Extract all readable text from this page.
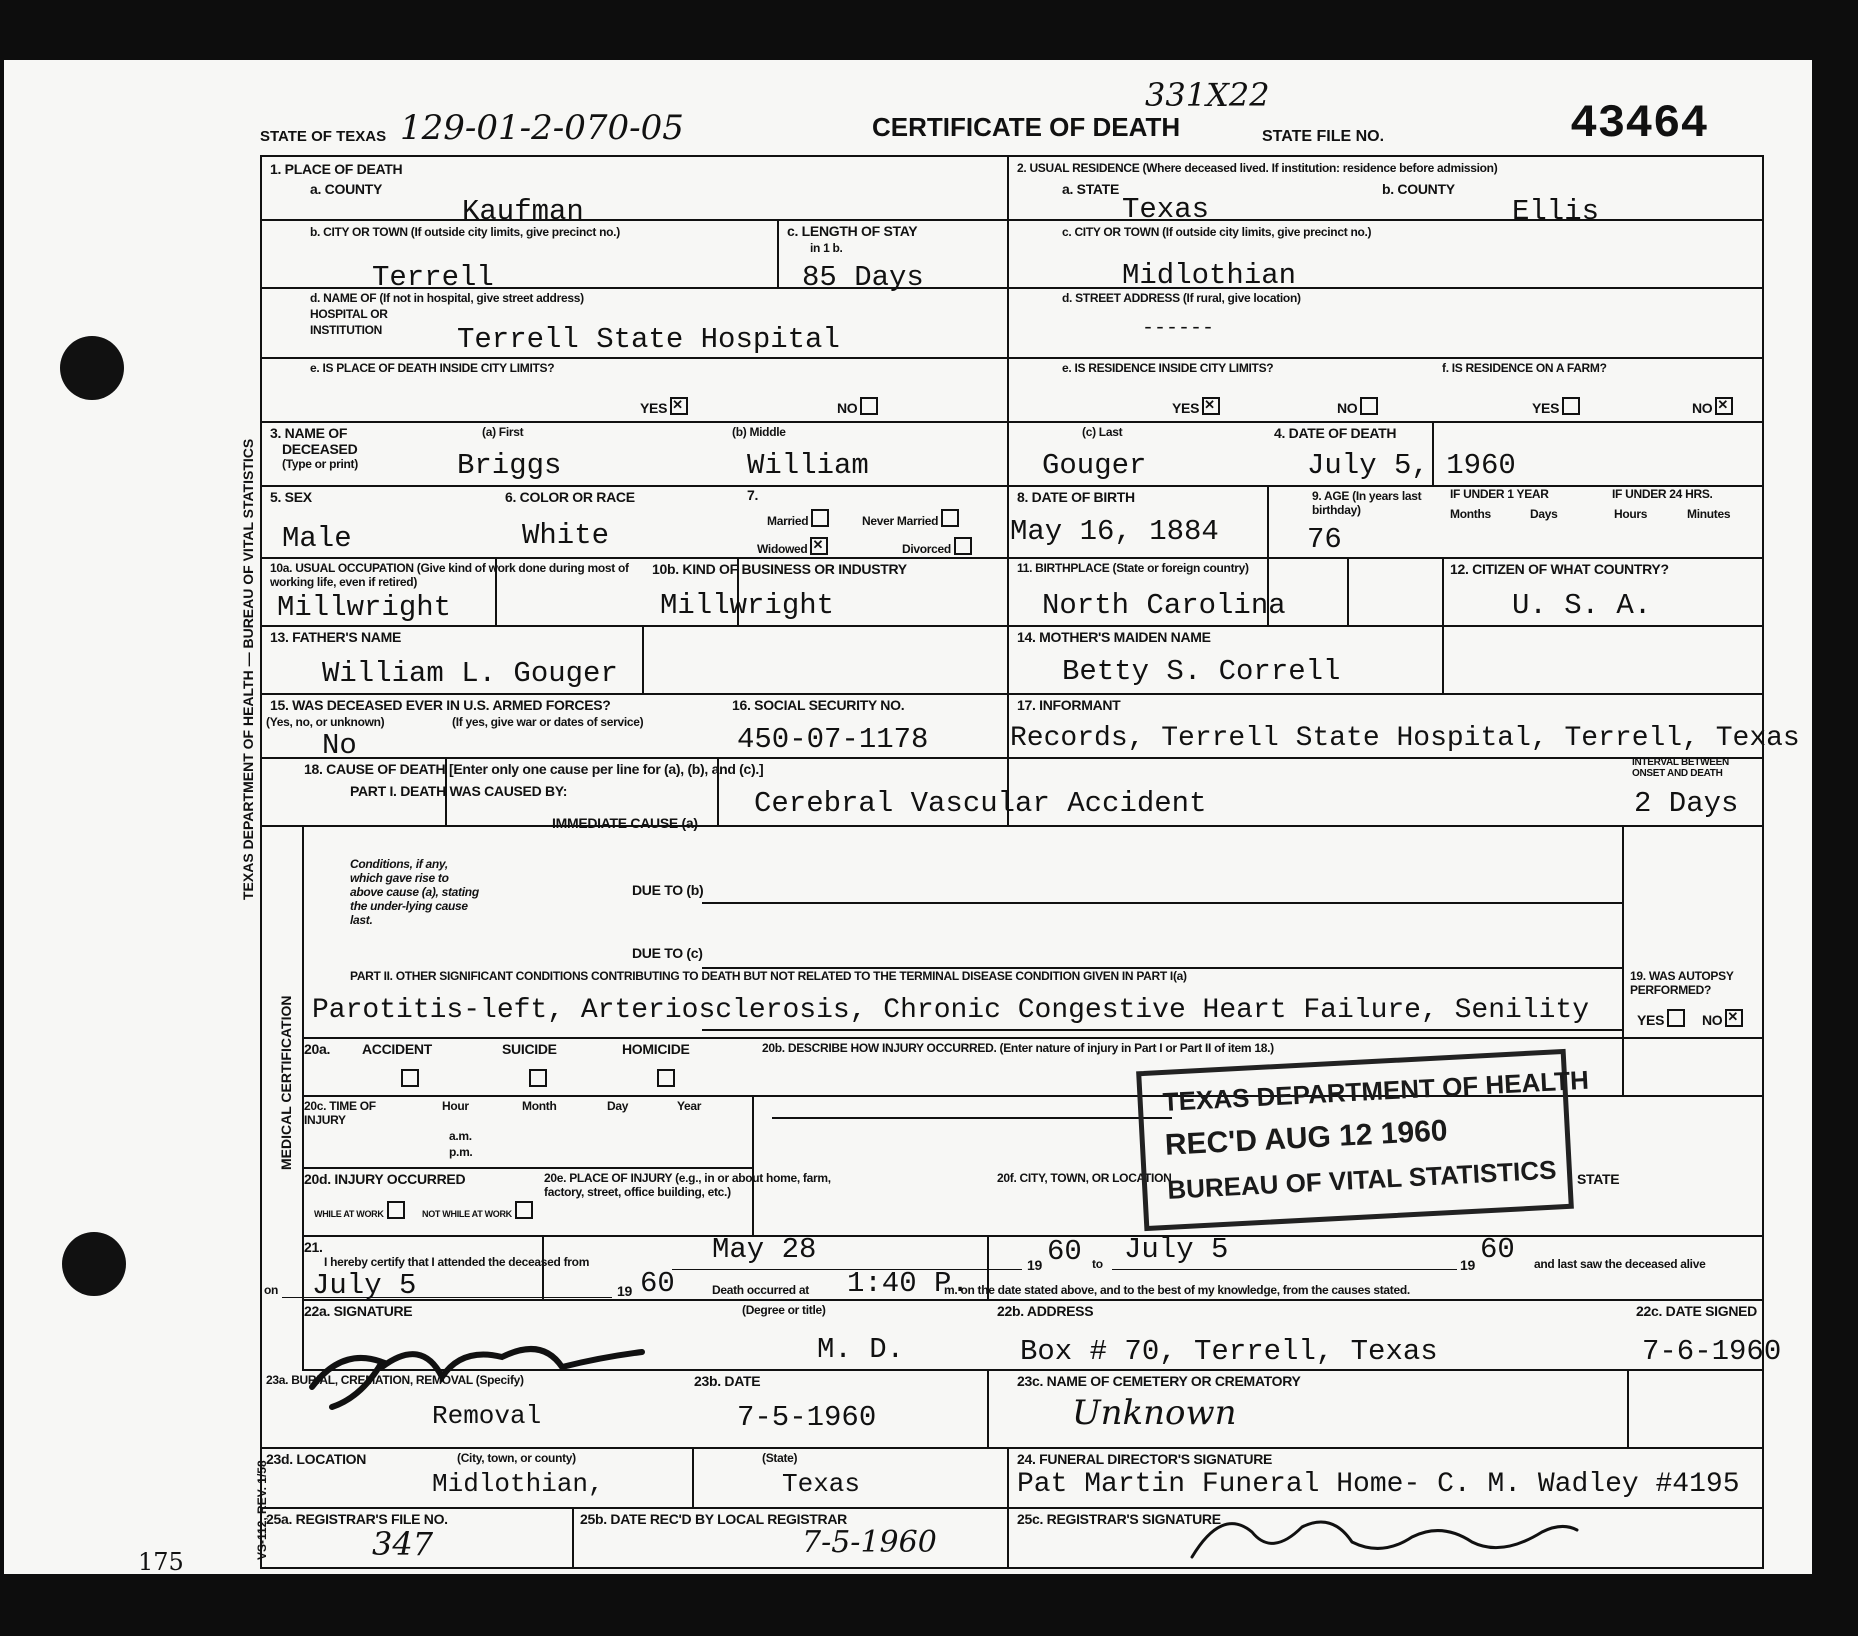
STATE OF TEXAS 129-01-2-070-05	CERTIFICATE OF DEATH
331X22
STATE FILE NO.	43464
TEXAS DEPARTMENT OF HEALTH — BUREAU OF VITAL STATISTICS
MEDICAL CERTIFICATION
VS-112, REV. 1/58
175
1. PLACE OF DEATH
a. COUNTY
Kaufman
b. CITY OR TOWN (If outside city limits, give precinct no.)
Terrell
c. LENGTH OF STAY
in 1 b.
85 Days
d. NAME OF (If not in hospital, give street address)
HOSPITAL OR
INSTITUTION	Terrell State Hospital
e. IS PLACE OF DEATH INSIDE CITY LIMITS?
YES ✕	NO
2. USUAL RESIDENCE (Where deceased lived. If institution: residence before admission)
a. STATE
Texas
b. COUNTY
Ellis
c. CITY OR TOWN (If outside city limits, give precinct no.)
Midlothian
d. STREET ADDRESS (If rural, give location)
------
e. IS RESIDENCE INSIDE CITY LIMITS?	f. IS RESIDENCE ON A FARM?
YES ✕	NO	YES	NO✕
3. NAME OF
DECEASED
(Type or print)
(a) First
Briggs
(b) Middle
William
(c) Last
Gouger
4. DATE OF DEATH
July 5, 1960
5. SEX
Male
6. COLOR OR RACE
White
7.
Married	Never Married
Widowed ✕	Divorced
8. DATE OF BIRTH
May 16, 1884
9. AGE (In years last birthday)
76
IF UNDER 1 YEAR	IF UNDER 24 HRS.
Months	Days	Hours	Minutes
10a. USUAL OCCUPATION (Give kind of work done during most of working life, even if retired)
Millwright
10b. KIND OF BUSINESS OR INDUSTRY
Millwright
11. BIRTHPLACE (State or foreign country)
North Carolina
12. CITIZEN OF WHAT COUNTRY?
U. S. A.
13. FATHER'S NAME
William L. Gouger
14. MOTHER'S MAIDEN NAME
Betty S. Correll
15. WAS DECEASED EVER IN U.S. ARMED FORCES?
(Yes, no, or unknown)	(If yes, give war or dates of service)
No
16. SOCIAL SECURITY NO.
450-07-1178
17. INFORMANT
Records, Terrell State Hospital, Terrell, Texas
18. CAUSE OF DEATH [Enter only one cause per line for (a), (b), and (c).]
PART I. DEATH WAS CAUSED BY:
IMMEDIATE CAUSE (a)
Cerebral Vascular Accident
INTERVAL BETWEEN ONSET AND DEATH
2 Days
Conditions, if any, which gave rise to above cause (a), stating the under-lying cause last.
DUE TO (b)
DUE TO (c)
PART II. OTHER SIGNIFICANT CONDITIONS CONTRIBUTING TO DEATH BUT NOT RELATED TO THE TERMINAL DISEASE CONDITION GIVEN IN PART I(a)
Parotitis-left, Arteriosclerosis, Chronic Congestive Heart Failure, Senility
19. WAS AUTOPSY PERFORMED?
YES	NO✕
20a. ACCIDENT	SUICIDE	HOMICIDE	20b. DESCRIBE HOW INJURY OCCURRED. (Enter nature of injury in Part I or Part II of item 18.)
20c. TIME OF INJURY
Hour	Month	Day	Year
a.m.
p.m.
20d. INJURY OCCURRED
WHILE AT WORK	NOT WHILE AT WORK
20e. PLACE OF INJURY (e.g., in or about home, farm, factory, street, office building, etc.)
20f. CITY, TOWN, OR LOCATION	STATE
21.
I hereby certify that I attended the deceased from	May 28	19 60 to July 5	19 60 and last saw the deceased alive
on July 5	19 60	Death occurred at 1:40 P.
m. on the date stated above, and to the best of my knowledge, from the causes stated.
22a. SIGNATURE	(Degree or title)
M. D.
22b. ADDRESS
Box # 70, Terrell, Texas
22c. DATE SIGNED
7-6-1960
23a. BURIAL, CREMATION, REMOVAL (Specify)
Removal
23b. DATE
7-5-1960
23c. NAME OF CEMETERY OR CREMATORY
Unknown
23d. LOCATION	(City, town, or county)	(State)
Midlothian,	Texas
24. FUNERAL DIRECTOR'S SIGNATURE
Pat Martin Funeral Home- C. M. Wadley #4195
25a. REGISTRAR'S FILE NO.
347
25b. DATE REC'D BY LOCAL REGISTRAR
7-5-1960
25c. REGISTRAR'S SIGNATURE
TEXAS DEPARTMENT OF HEALTH
REC'D AUG 12 1960
BUREAU OF VITAL STATISTICS
